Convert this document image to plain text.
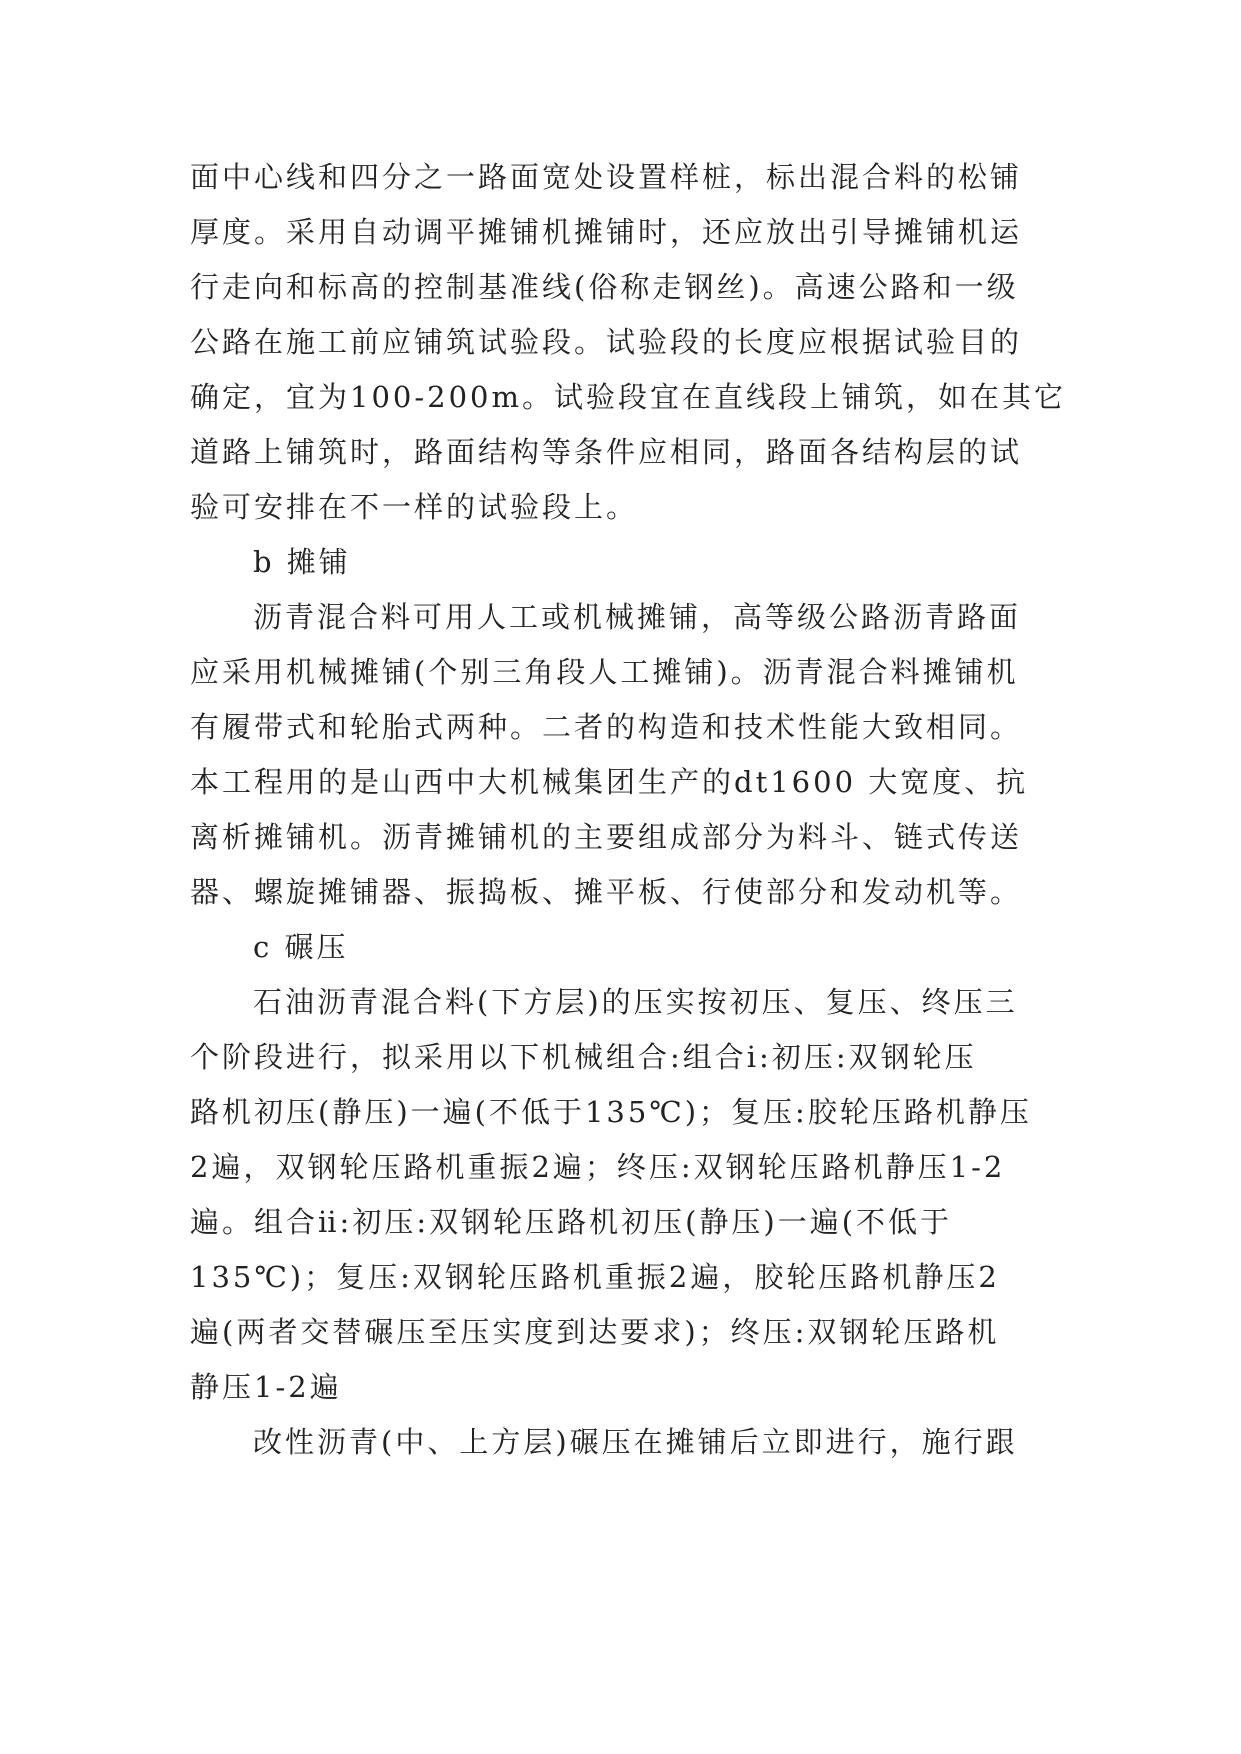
面中心线和四分之一路面宽处设置样桩，标出混合料的松铺
厚度。采用自动调平摊铺机摊铺时，还应放出引导摊铺机运
行走向和标高的控制基准线(俗称走钢丝)。高速公路和一级
公路在施工前应铺筑试验段。试验段的长度应根据试验目的
确定，宜为100-200m。试验段宜在直线段上铺筑，如在其它
道路上铺筑时，路面结构等条件应相同，路面各结构层的试
验可安排在不一样的试验段上。
b 摊铺
沥青混合料可用人工或机械摊铺，高等级公路沥青路面
应采用机械摊铺(个别三角段人工摊铺)。沥青混合料摊铺机
有履带式和轮胎式两种。二者的构造和技术性能大致相同。
本工程用的是山西中大机械集团生产的dt1600 大宽度、抗
离析摊铺机。沥青摊铺机的主要组成部分为料斗、链式传送
器、螺旋摊铺器、振捣板、摊平板、行使部分和发动机等。
c 碾压
石油沥青混合料(下方层)的压实按初压、复压、终压三
个阶段进行，拟采用以下机械组合:组合ⅰ:初压:双钢轮压
路机初压(静压)一遍(不低于135℃)；复压:胶轮压路机静压
2遍，双钢轮压路机重振2遍；终压:双钢轮压路机静压1-2
遍。组合ⅱ:初压:双钢轮压路机初压(静压)一遍(不低于
135℃)；复压:双钢轮压路机重振2遍，胶轮压路机静压2
遍(两者交替碾压至压实度到达要求)；终压:双钢轮压路机
静压1-2遍
改性沥青(中、上方层)碾压在摊铺后立即进行，施行跟
